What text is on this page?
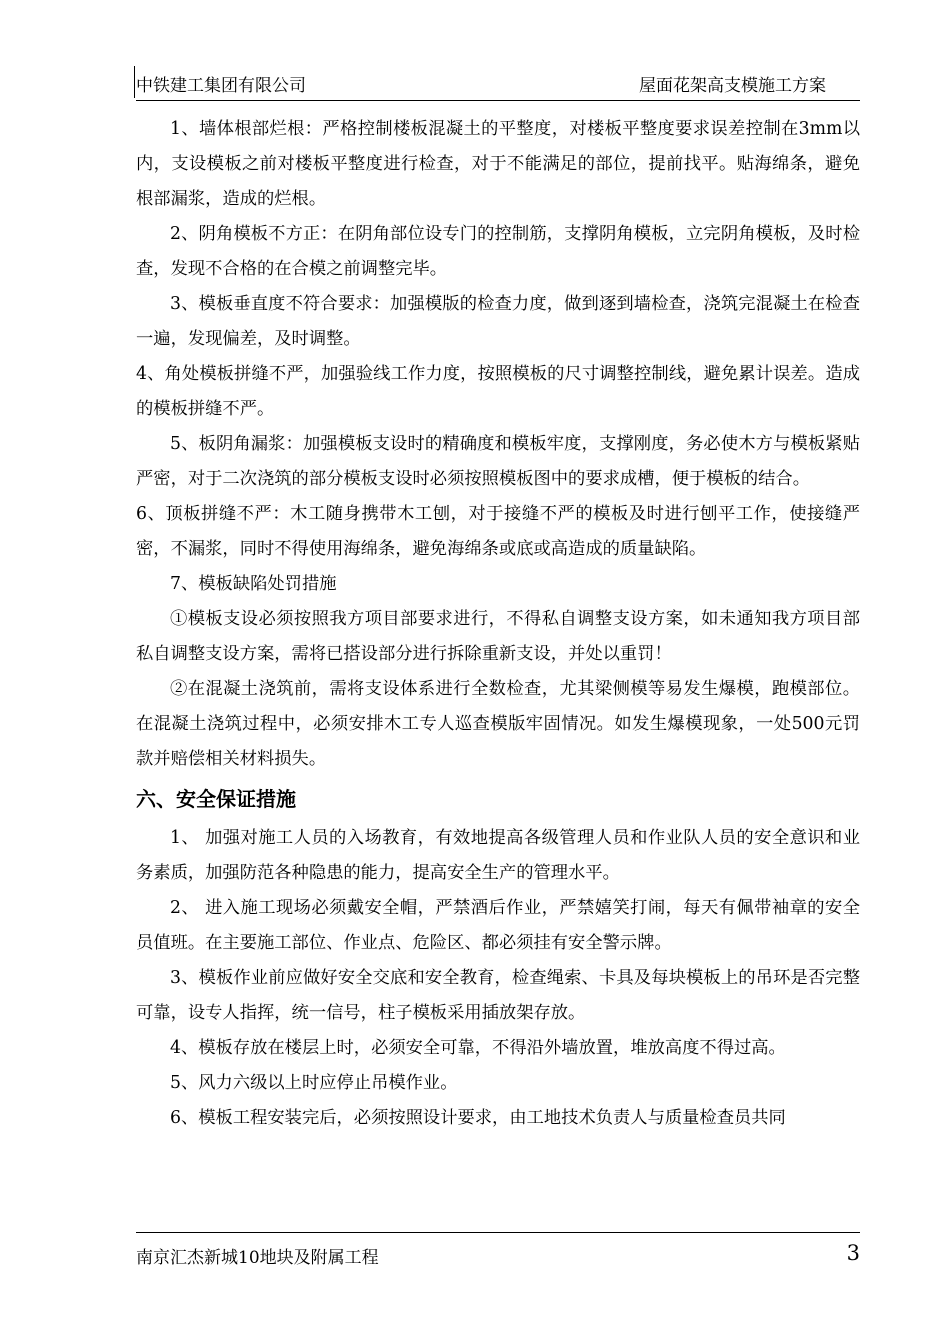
中铁建工集团有限公司	屋面花架高支模施工方案

1、墙体根部烂根：严格控制楼板混凝土的平整度，对楼板平整度要求误差控制在3mm以内，支设模板之前对楼板平整度进行检查，对于不能满足的部位，提前找平。贴海绵条，避免根部漏浆，造成的烂根。

2、阴角模板不方正：在阴角部位设专门的控制筋，支撑阴角模板，立完阴角模板，及时检查，发现不合格的在合模之前调整完毕。

3、模板垂直度不符合要求：加强模版的检查力度，做到逐到墙检查，浇筑完混凝土在检查一遍，发现偏差，及时调整。

4、角处模板拼缝不严，加强验线工作力度，按照模板的尺寸调整控制线，避免累计误差。造成的模板拼缝不严。

5、板阴角漏浆：加强模板支设时的精确度和模板牢度，支撑刚度，务必使木方与模板紧贴严密，对于二次浇筑的部分模板支设时必须按照模板图中的要求成槽，便于模板的结合。

6、顶板拼缝不严：木工随身携带木工刨，对于接缝不严的模板及时进行刨平工作，使接缝严密，不漏浆，同时不得使用海绵条，避免海绵条或底或高造成的质量缺陷。

7、模板缺陷处罚措施

①模板支设必须按照我方项目部要求进行，不得私自调整支设方案，如未通知我方项目部私自调整支设方案，需将已搭设部分进行拆除重新支设，并处以重罚！

②在混凝土浇筑前，需将支设体系进行全数检查，尤其梁侧模等易发生爆模，跑模部位。在混凝土浇筑过程中，必须安排木工专人巡查模版牢固情况。如发生爆模现象，一处500元罚款并赔偿相关材料损失。

六、安全保证措施

1、 加强对施工人员的入场教育，有效地提高各级管理人员和作业队人员的安全意识和业务素质，加强防范各种隐患的能力，提高安全生产的管理水平。

2、 进入施工现场必须戴安全帽，严禁酒后作业，严禁嬉笑打闹，每天有佩带袖章的安全员值班。在主要施工部位、作业点、危险区、都必须挂有安全警示牌。

3、模板作业前应做好安全交底和安全教育，检查绳索、卡具及每块模板上的吊环是否完整可靠，设专人指挥，统一信号，柱子模板采用插放架存放。

4、模板存放在楼层上时，必须安全可靠，不得沿外墙放置，堆放高度不得过高。

5、风力六级以上时应停止吊模作业。

6、模板工程安装完后，必须按照设计要求，由工地技术负责人与质量检查员共同

南京汇杰新城10地块及附属工程	3
